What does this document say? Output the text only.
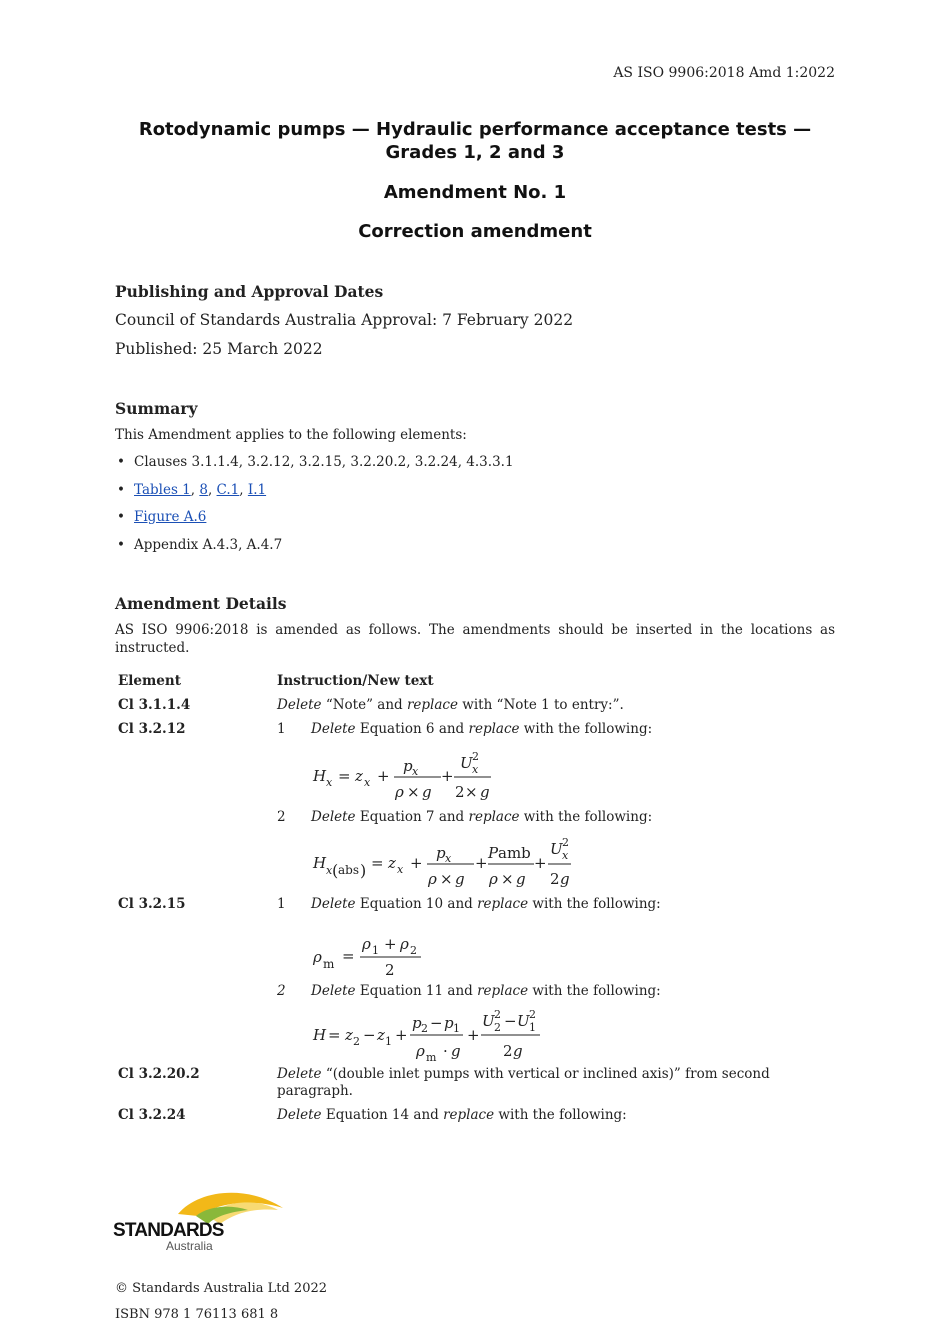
AS ISO 9906:2018 Amd 1:2022
Rotodynamic pumps — Hydraulic performance acceptance tests —
Grades 1, 2 and 3
Amendment No. 1
Correction amendment
Publishing and Approval Dates
Council of Standards Australia Approval: 7 February 2022
Published: 25 March 2022
Summary
This Amendment applies to the following elements:
• Clauses 3.1.1.4, 3.2.12, 3.2.15, 3.2.20.2, 3.2.24, 4.3.3.1
• Tables 1, 8, C.1, I.1
• Figure A.6
• Appendix A.4.3, A.4.7
Amendment Details
AS ISO 9906:2018 is amended as follows. The amendments should be inserted in the locations as instructed.
Element	Instruction/New text
Cl 3.1.1.4	Delete “Note” and replace with “Note 1 to entry:”.
Cl 3.2.12	1 Delete Equation 6 and replace with the following:
H x = z x +
p x
ρ × g
+
U 2
x
2 × g
2 Delete Equation 7 and replace with the following:
H x ( abs ) = z x +
p x
ρ × g
+
P amb
ρ × g
+
U 2
x
2 g
Cl 3.2.15	1 Delete Equation 10 and replace with the following:
ρ m =
ρ 1 + ρ 2
2
2 Delete Equation 11 and replace with the following:
H = z 2 − z 1 +
p 2 − p 1
ρ m · g
+
U 2
2 − U 2
1
2 g
Cl 3.2.20.2	Delete “(double inlet pumps with vertical or inclined axis)” from second
paragraph.
Cl 3.2.24	Delete Equation 14 and replace with the following:
STANDARDS
Australia
© Standards Australia Ltd 2022
ISBN 978 1 76113 681 8
